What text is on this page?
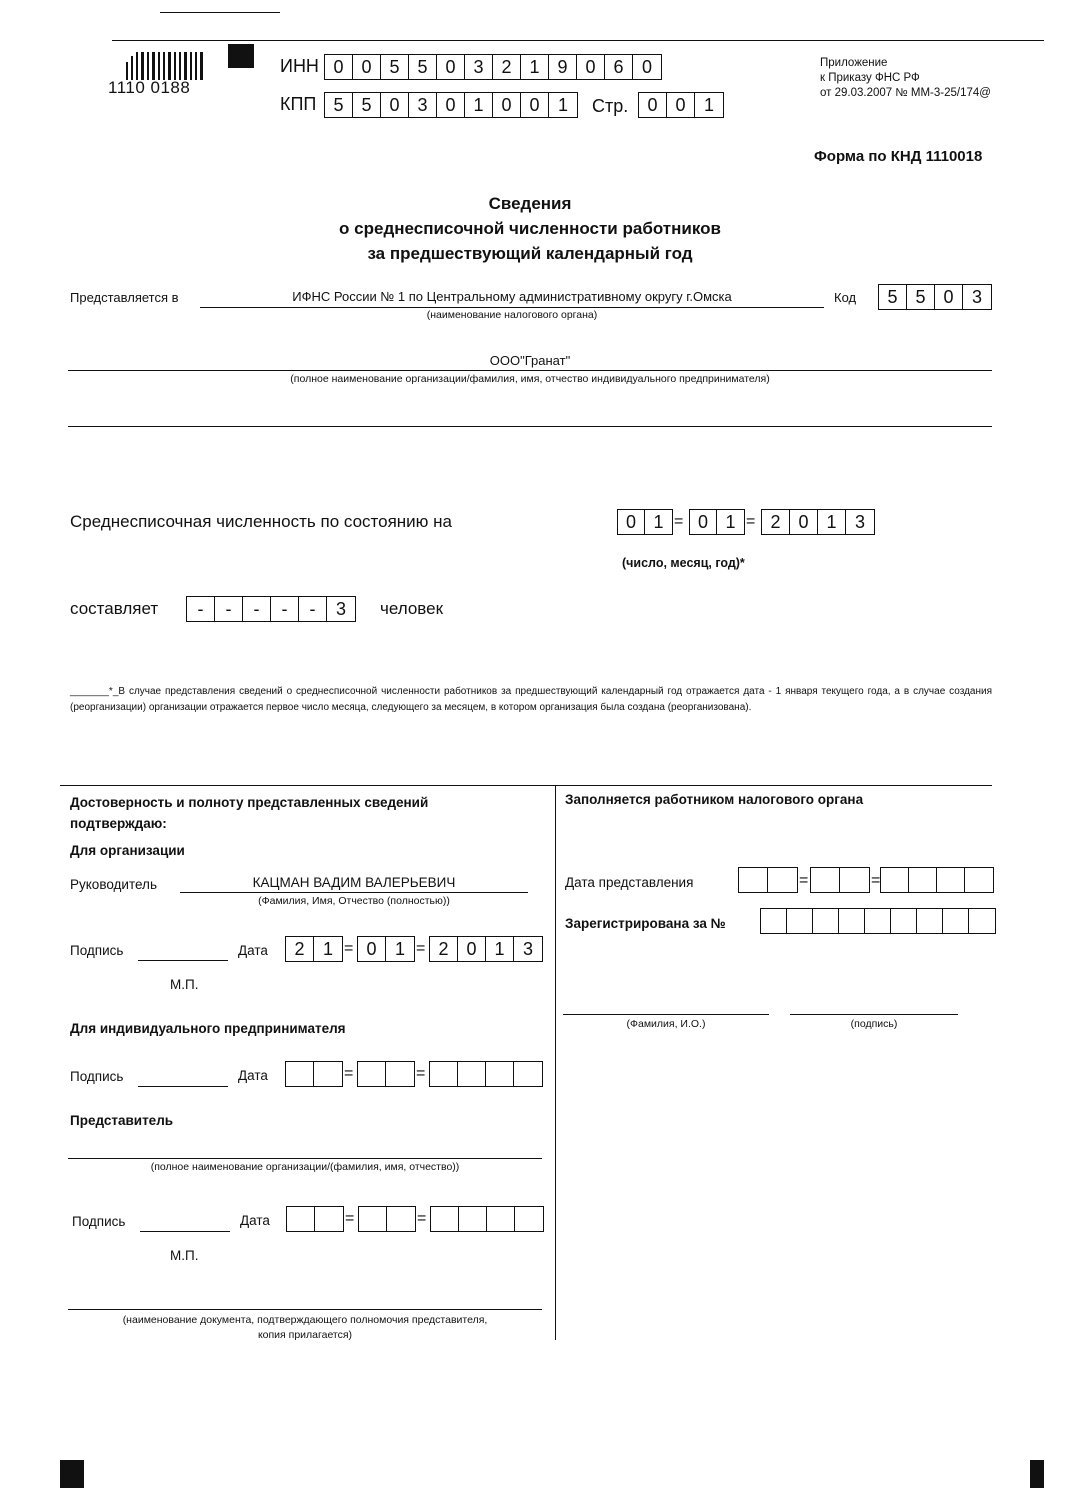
1110 0188
ИНН 0 0 5 5 0 3 2 1 9 0 6	0
КПП 5 5 0 3 0 1 0 0	1	Стр.	0 0	1
Приложение
к Приказу ФНС РФ
от 29.03.2007 № ММ-3-25/174@
Форма по КНД 1110018
Сведения
о среднесписочной численности работников
за предшествующий календарный год
Представляется в	ИФНС России № 1 по Центральному административному округу г.Омска
(наименование налогового органа)
Код	5 5 0	3
ООО"Гранат"
(полное наименование организации/фамилия, имя, отчество индивидуального предпринимателя)
Среднесписочная численность по состоянию на	0 1 = 0 1 = 2 0 1	3
(число, месяц, год)*
составляет	-	-	-	-	-	3	человек
_______*_В случае представления сведений о среднесписочной численности работников за предшествующий календарный год отражается дата - 1 января текущего года, а в случае создания (реорганизации) организации отражается первое число месяца, следующего за месяцем, в котором организация была создана (реорганизована).
Достоверность и полноту представленных сведений
подтверждаю:
Для организации
Руководитель	КАЦМАН ВАДИМ ВАЛЕРЬЕВИЧ
(Фамилия, Имя, Отчество (полностью))
Подпись	Дата	2	1 = 0	1 = 2 0 1	3
М.П.
Для индивидуального предпринимателя
Подпись	Дата	=	=
Представитель
(полное наименование организации/(фамилия, имя, отчество))
Подпись	Дата	=	=
М.П.
(наименование документа, подтверждающего полномочия представителя,
копия прилагается)
Заполняется работником налогового органа
Дата представления	=	=
Зарегистрирована за №
(Фамилия, И.О.)	(подпись)
